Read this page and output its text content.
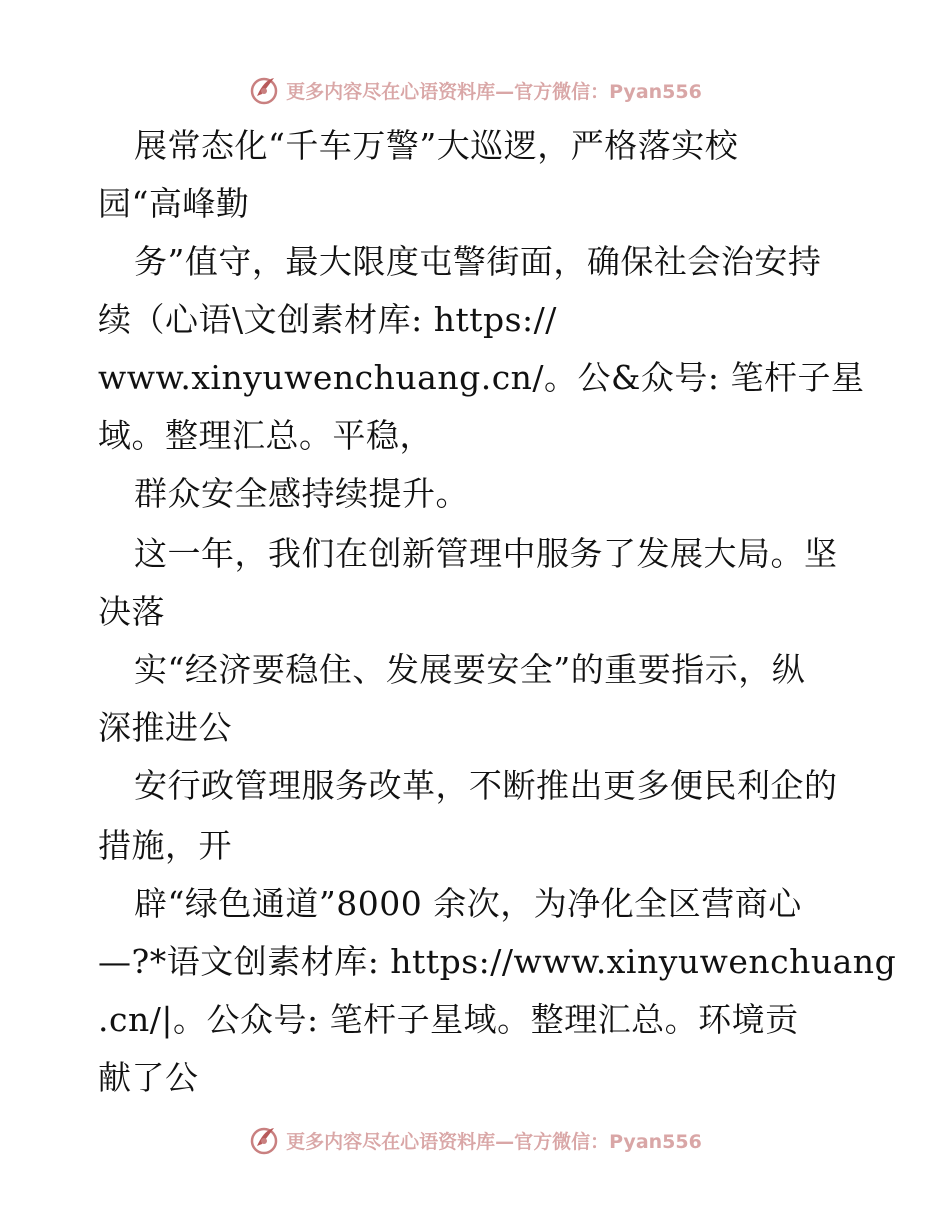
更多内容尽在心语资料库—官方微信：Pyan556
展常态化“千车万警”大巡逻，严格落实校
园“高峰勤
务”值守，最大限度屯警街面，确保社会治安持
续（心语\文创素材库: https://
www.xinyuwenchuang.cn/。公&众号: 笔杆子星
域。整理汇总。平稳，
群众安全感持续提升。
这一年，我们在创新管理中服务了发展大局。坚
决落
实“经济要稳住、发展要安全”的重要指示，纵
深推进公
安行政管理服务改革，不断推出更多便民利企的
措施，开
辟“绿色通道”8000 余次，为净化全区营商心
—?*语文创素材库: https://www.xinyuwenchuang
.cn/|。公众号: 笔杆子星域。整理汇总。环境贡
献了公
更多内容尽在心语资料库—官方微信：Pyan556
